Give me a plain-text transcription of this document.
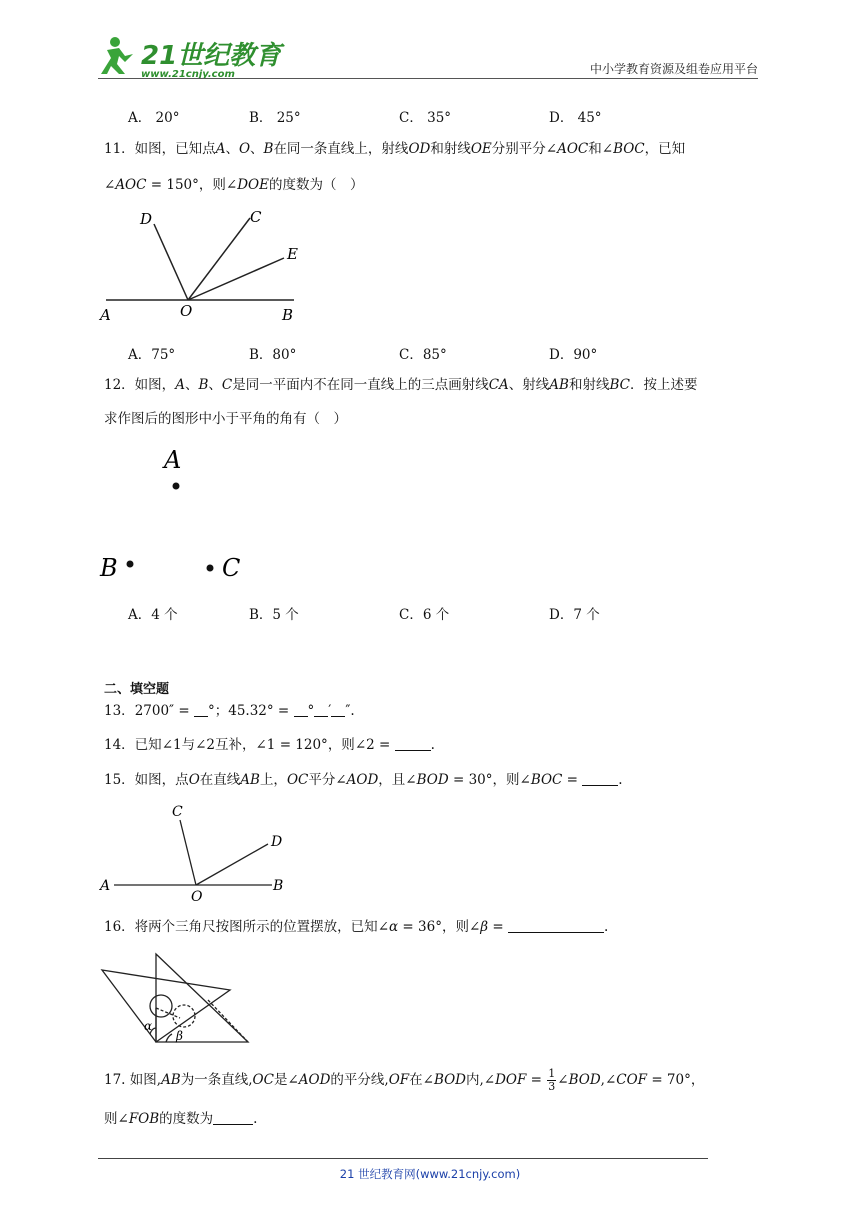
21世纪教育
www.21cnjy.com	中小学教育资源及组卷应用平台
A． 20°	B． 25°	C． 35°	D． 45°
11．如图，已知点A、O、B在同一条直线上，射线OD和射线OE分别平分∠AOC和∠BOC，已知
∠AOC = 150°，则∠DOE的度数为（　）
D	C
E
A	O	B
A．75°	B．80°	C．85°	D．90°
12．如图，A、B、C是同一平面内不在同一直线上的三点画射线CA、射线AB和射线BC．按上述要
求作图后的图形中小于平角的角有（　）
A
B	C
A．4 个	B．5 个	C．6 个	D．7 个
二、填空题
13．2700″ = °；45.32° = ° ′ ″.
14．已知∠1与∠2互补，∠1 = 120°，则∠2 =	.
15．如图，点O在直线AB上，OC平分∠AOD，且∠BOD = 30°，则∠BOC =	.
C
D
A
O
B
16．将两个三角尺按图所示的位置摆放，已知∠α = 36°，则∠β =	.
α
β
17. 如图,AB为一条直线,OC是∠AOD的平分线,OF在∠BOD内,∠DOF = $\frac{1}{3}$ ∠BOD,∠COF = 70°，
则∠FOB的度数为	.
21 世纪教育网(www.21cnjy.com)
